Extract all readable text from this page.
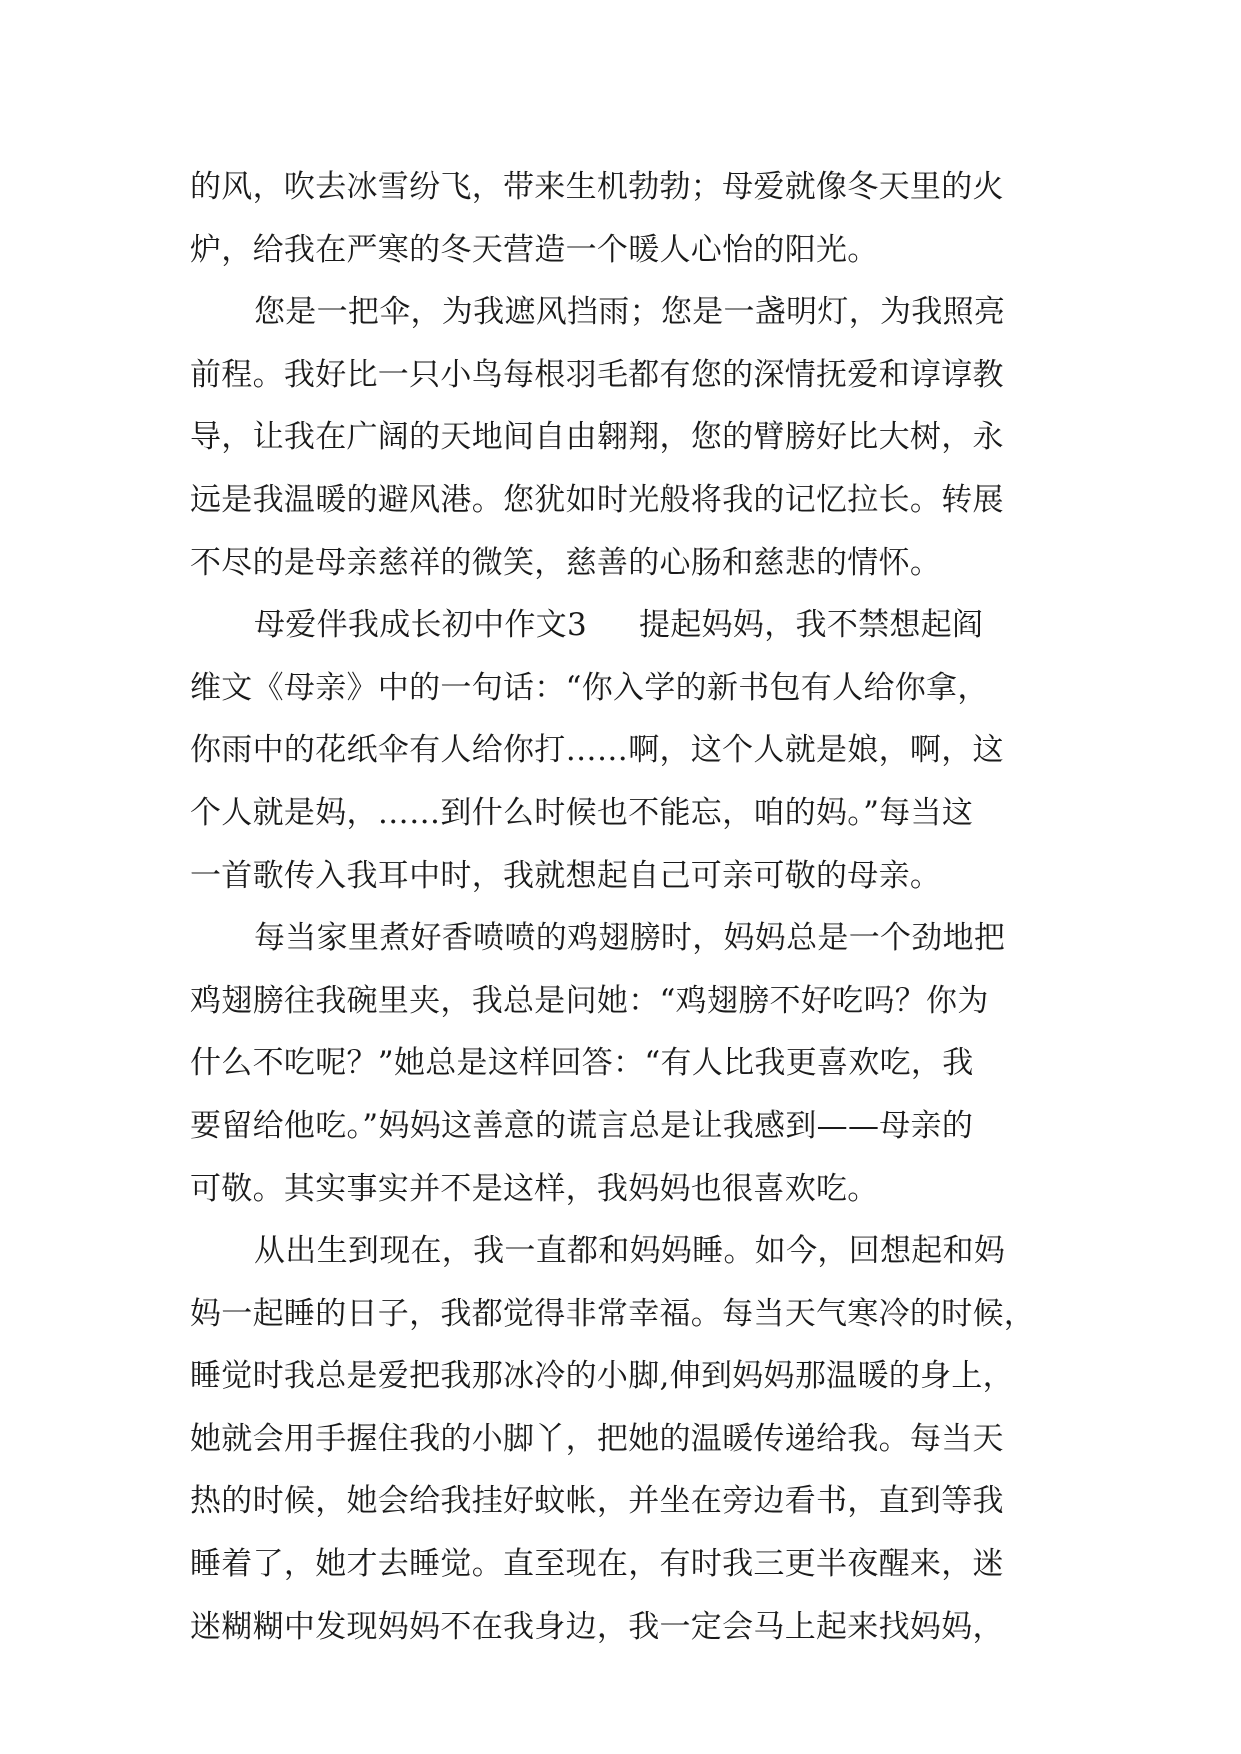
的风，吹去冰雪纷飞，带来生机勃勃；母爱就像冬天里的火
炉，给我在严寒的冬天营造一个暖人心怡的阳光。
您是一把伞，为我遮风挡雨；您是一盏明灯，为我照亮
前程。我好比一只小鸟每根羽毛都有您的深情抚爱和谆谆教
导，让我在广阔的天地间自由翱翔，您的臂膀好比大树，永
远是我温暖的避风港。您犹如时光般将我的记忆拉长。转展
不尽的是母亲慈祥的微笑，慈善的心肠和慈悲的情怀。
母爱伴我成长初中作文3 提起妈妈，我不禁想起阎
维文《母亲》中的一句话：“你入学的新书包有人给你拿，
你雨中的花纸伞有人给你打……啊，这个人就是娘，啊，这
个人就是妈，……到什么时候也不能忘，咱的妈。”每当这
一首歌传入我耳中时，我就想起自己可亲可敬的母亲。
每当家里煮好香喷喷的鸡翅膀时，妈妈总是一个劲地把
鸡翅膀往我碗里夹，我总是问她：“鸡翅膀不好吃吗？你为
什么不吃呢？”她总是这样回答：“有人比我更喜欢吃，我
要留给他吃。”妈妈这善意的谎言总是让我感到——母亲的
可敬。其实事实并不是这样，我妈妈也很喜欢吃。
从出生到现在，我一直都和妈妈睡。如今，回想起和妈
妈一起睡的日子，我都觉得非常幸福。每当天气寒冷的时候，
睡觉时我总是爱把我那冰冷的小脚,伸到妈妈那温暖的身上，
她就会用手握住我的小脚丫，把她的温暖传递给我。每当天
热的时候，她会给我挂好蚊帐，并坐在旁边看书，直到等我
睡着了，她才去睡觉。直至现在，有时我三更半夜醒来，迷
迷糊糊中发现妈妈不在我身边，我一定会马上起来找妈妈，
